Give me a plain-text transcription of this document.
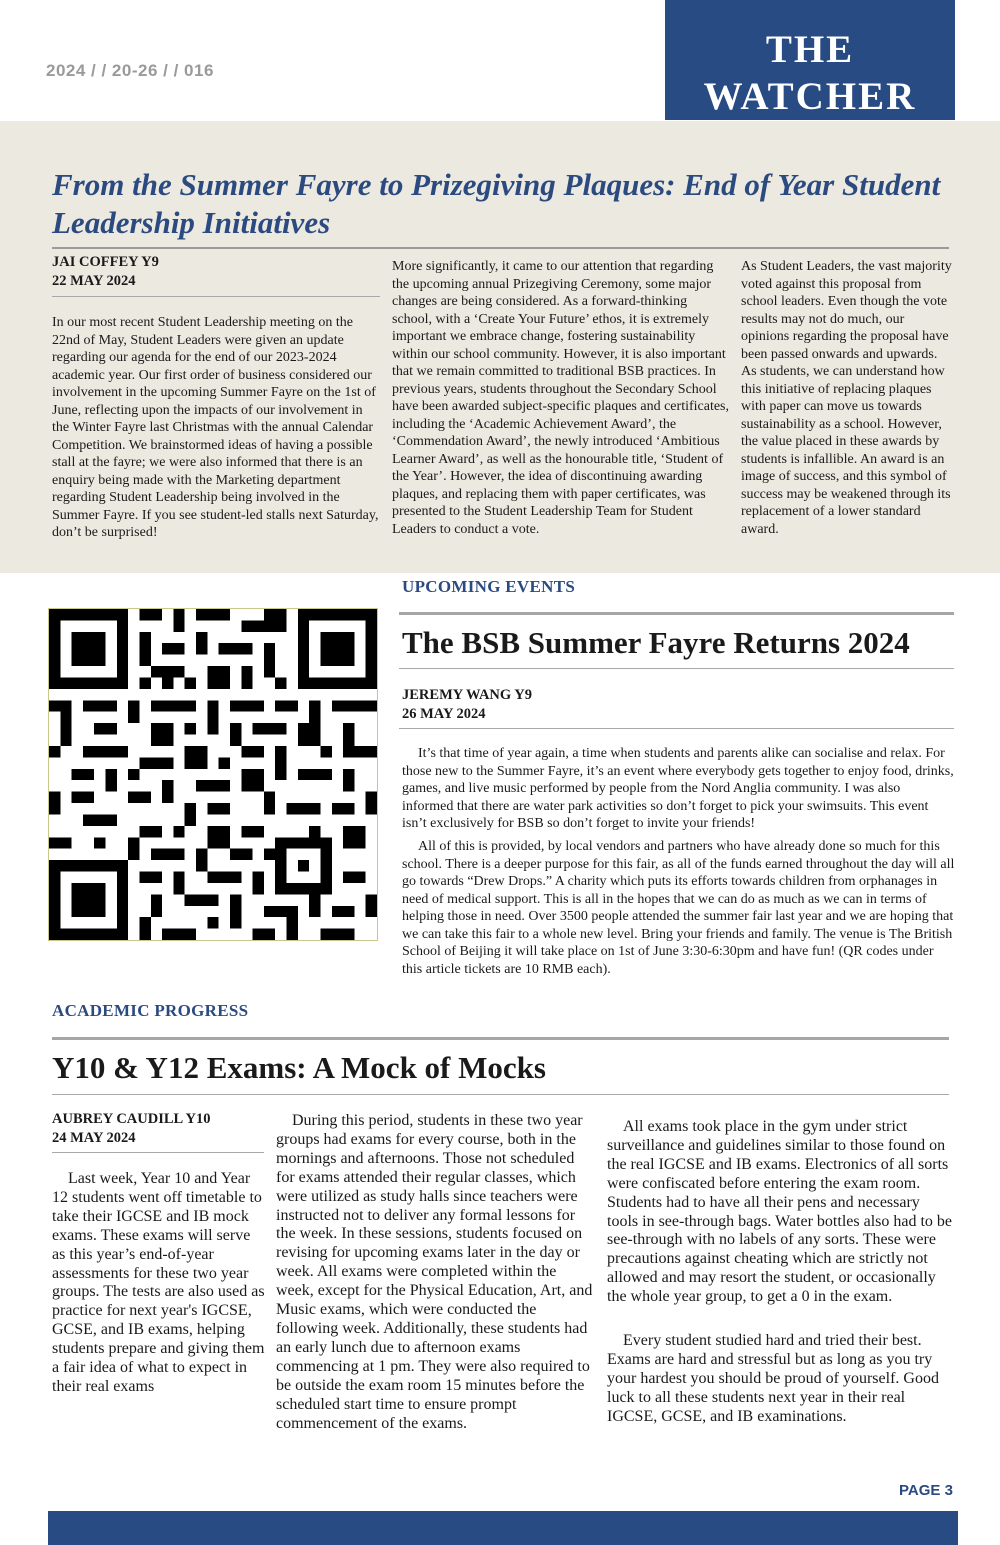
2024 / / 20-26 / / 016	THE
WATCHER
From the Summer Fayre to Prizegiving Plaques: End of Year Student Leadership Initiatives
JAI COFFEY Y9
22 MAY 2024

In our most recent Student Leadership meeting on the 22nd of May, Student Leaders were given an update regarding our agenda for the end of our 2023-2024 academic year. Our first order of business considered our involvement in the upcoming Summer Fayre on the 1st of June, reflecting upon the impacts of our involvement in the Winter Fayre last Christmas with the annual Calendar Competition. We brainstormed ideas of having a possible stall at the fayre; we were also informed that there is an enquiry being made with the Marketing department regarding Student Leadership being involved in the Summer Fayre. If you see student-led stalls next Saturday, don’t be surprised!

More significantly, it came to our attention that regarding the upcoming annual Prizegiving Ceremony, some major changes are being considered. As a forward-thinking school, with a ‘Create Your Future’ ethos, it is extremely important we embrace change, fostering sustainability within our school community. However, it is also important that we remain committed to traditional BSB practices. In previous years, students throughout the Secondary School have been awarded subject-specific plaques and certificates, including the ‘Academic Achievement Award’, the ‘Commendation Award’, the newly introduced ‘Ambitious Learner Award’, as well as the honourable title, ‘Student of the Year’. However, the idea of discontinuing awarding plaques, and replacing them with paper certificates, was presented to the Student Leadership Team for Student Leaders to conduct a vote.

As Student Leaders, the vast majority voted against this proposal from school leaders. Even though the vote results may not do much, our opinions regarding the proposal have been passed onwards and upwards. As students, we can understand how this initiative of replacing plaques with paper can move us towards sustainability as a school. However, the value placed in these awards by students is infallible. An award is an image of success, and this symbol of success may be weakened through its replacement of a lower standard award.

UPCOMING EVENTS
The BSB Summer Fayre Returns 2024
JEREMY WANG Y9
26 MAY 2024

It’s that time of year again, a time when students and parents alike can socialise and relax. For those new to the Summer Fayre, it’s an event where everybody gets together to enjoy food, drinks, games, and live music performed by people from the Nord Anglia community. I was also informed that there are water park activities so don’t forget to pick your swimsuits. This event isn’t exclusively for BSB so don’t forget to invite your friends!

All of this is provided, by local vendors and partners who have already done so much for this school. There is a deeper purpose for this fair, as all of the funds earned throughout the day will all go towards “Drew Drops.” A charity which puts its efforts towards children from orphanages in need of medical support. This is all in the hopes that we can do as much as we can in terms of helping those in need. Over 3500 people attended the summer fair last year and we are hoping that we can take this fair to a whole new level. Bring your friends and family. The venue is The British School of Beijing it will take place on 1st of June 3:30-6:30pm and have fun! (QR codes under this article tickets are 10 RMB each).

ACADEMIC PROGRESS
Y10 & Y12 Exams: A Mock of Mocks
AUBREY CAUDILL Y10
24 MAY 2024

Last week, Year 10 and Year 12 students went off timetable to take their IGCSE and IB mock exams. These exams will serve as this year’s end-of-year assessments for these two year groups. The tests are also used as practice for next year's IGCSE, GCSE, and IB exams, helping students prepare and giving them a fair idea of what to expect in their real exams

During this period, students in these two year groups had exams for every course, both in the mornings and afternoons. Those not scheduled for exams attended their regular classes, which were utilized as study halls since teachers were instructed not to deliver any formal lessons for the week. In these sessions, students focused on revising for upcoming exams later in the day or week. All exams were completed within the week, except for the Physical Education, Art, and Music exams, which were conducted the following week. Additionally, these students had an early lunch due to afternoon exams commencing at 1 pm. They were also required to be outside the exam room 15 minutes before the scheduled start time to ensure prompt commencement of the exams.

All exams took place in the gym under strict surveillance and guidelines similar to those found on the real IGCSE and IB exams. Electronics of all sorts were confiscated before entering the exam room. Students had to have all their pens and necessary tools in see-through bags. Water bottles also had to be see-through with no labels of any sorts. These were precautions against cheating which are strictly not allowed and may resort the student, or occasionally the whole year group, to get a 0 in the exam.

Every student studied hard and tried their best. Exams are hard and stressful but as long as you try your hardest you should be proud of yourself. Good luck to all these students next year in their real IGCSE, GCSE, and IB examinations.

PAGE 3
